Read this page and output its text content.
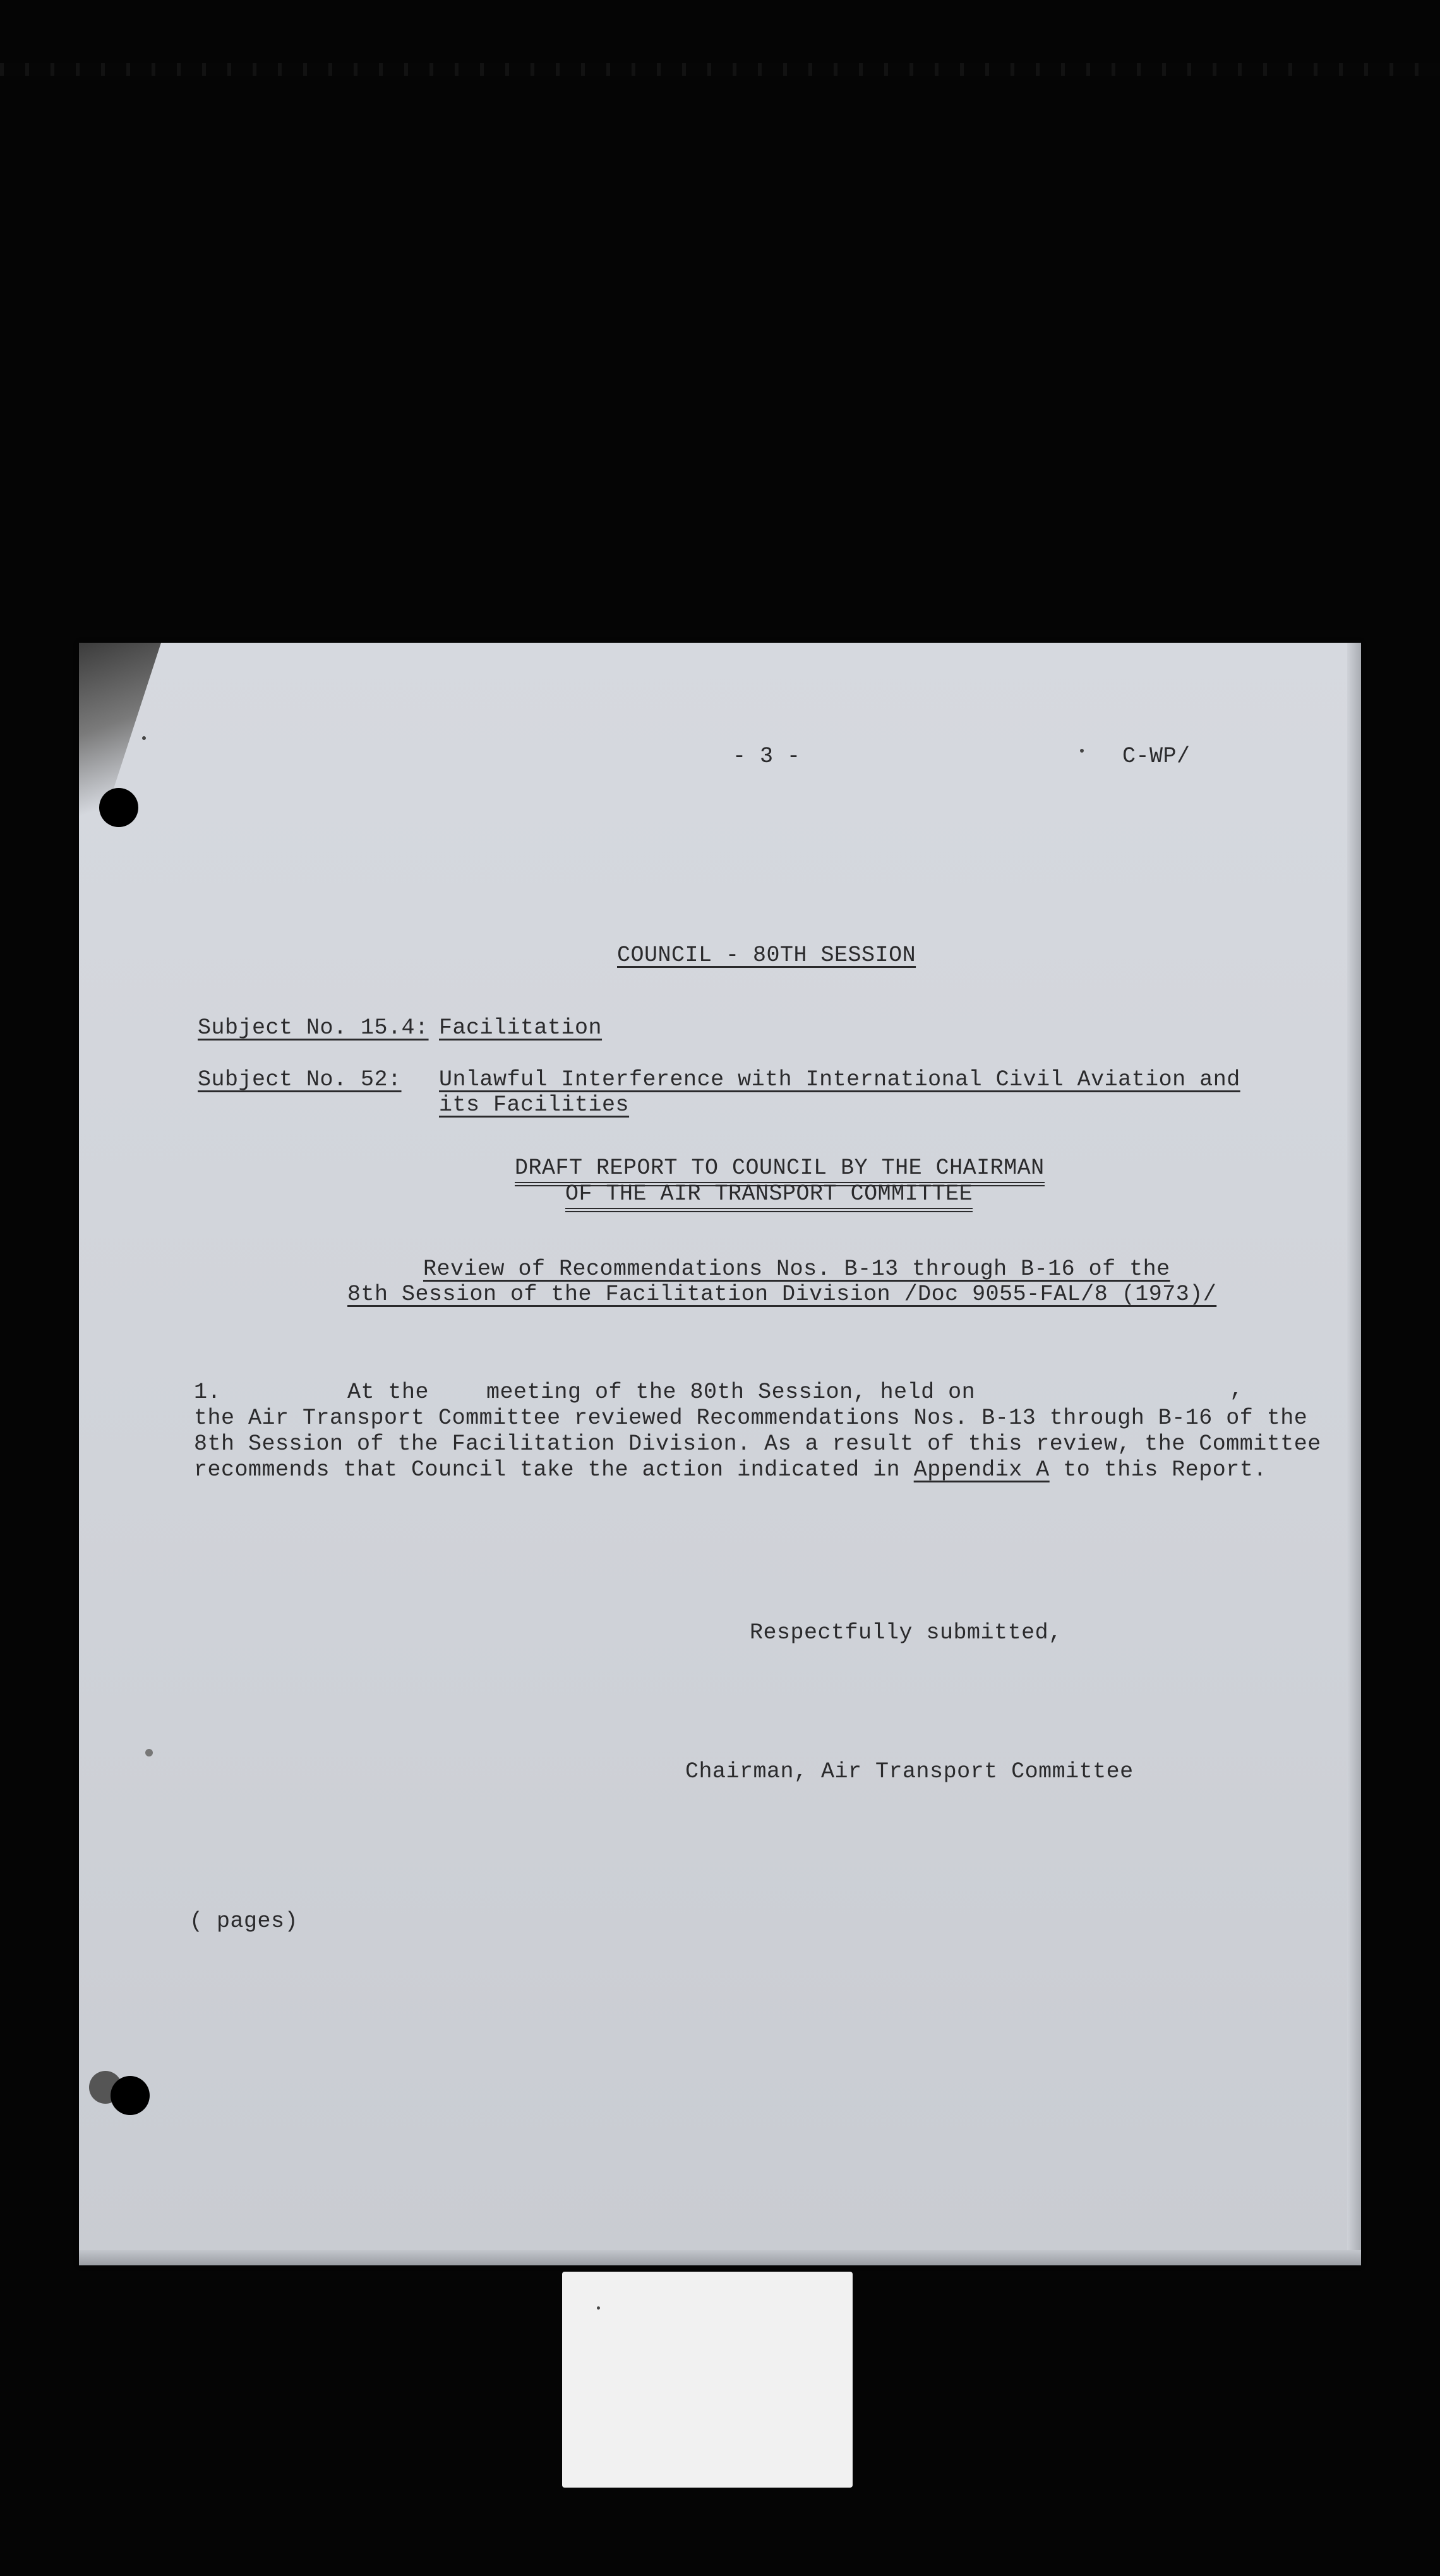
- 3 -	C-WP/
COUNCIL - 80TH SESSION
Subject No. 15.4: Facilitation
Subject No. 52: Unlawful Interference with International Civil Aviation and
its Facilities
DRAFT REPORT TO COUNCIL BY THE CHAIRMAN
OF THE AIR TRANSPORT COMMITTEE
Review of Recommendations Nos. B-13 through B-16 of the
8th Session of the Facilitation Division /Doc 9055-FAL/8 (1973)/
1.	At the	meeting of the 80th Session, held on	,
the Air Transport Committee reviewed Recommendations Nos. B-13 through B-16 of the
8th Session of the Facilitation Division. As a result of this review, the Committee
recommends that Council take the action indicated in Appendix A to this Report.
Respectfully submitted,
Chairman, Air Transport Committee
( pages)
